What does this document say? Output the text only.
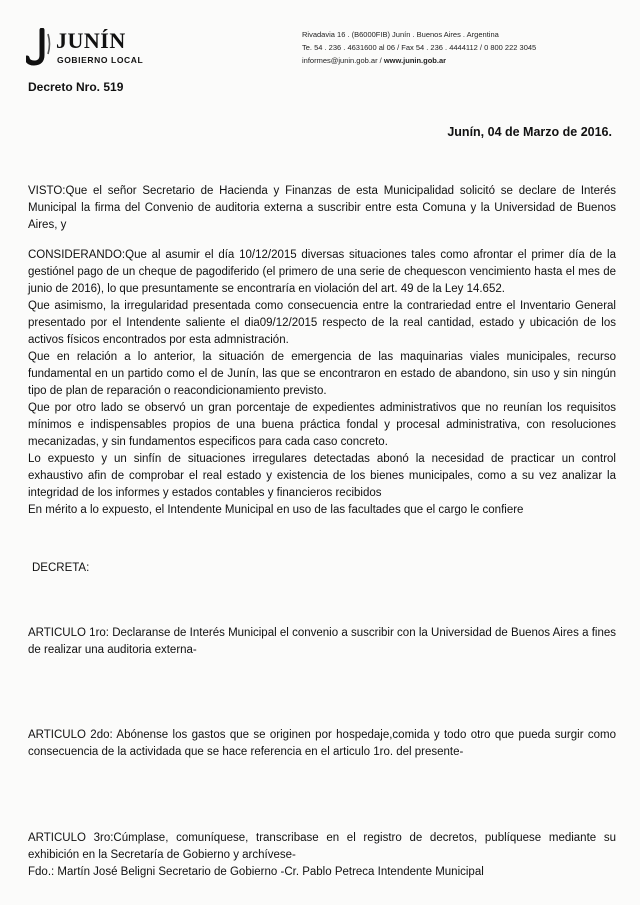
JUNÍN
GOBIERNO LOCAL
Rivadavia 16 . (B6000FIB) Junín . Buenos Aires . Argentina
Te. 54 . 236 . 4631600 al 06 / Fax 54 . 236 . 4444112 / 0 800 222 3045
informes@junin.gob.ar / www.junin.gob.ar
Decreto Nro. 519
Junín, 04 de Marzo de 2016.

VISTO:Que el señor Secretario de Hacienda y Finanzas de esta Municipalidad solicitó se declare de Interés Municipal la firma del Convenio de auditoria externa a suscribir entre esta Comuna y la Universidad de Buenos Aires, y

CONSIDERANDO:Que al asumir el día 10/12/2015 diversas situaciones tales como afrontar el primer día de la gestiónel pago de un cheque de pagodiferido (el primero de una serie de chequescon vencimiento hasta el mes de junio de 2016), lo que presuntamente se encontraría en violación del art. 49 de la Ley 14.652.

Que asimismo, la irregularidad presentada como consecuencia entre la contrariedad entre el Inventario General presentado por el Intendente saliente el dia09/12/2015 respecto de la real cantidad, estado y ubicación de los activos físicos encontrados por esta admnistración.

Que en relación a lo anterior, la situación de emergencia de las maquinarias viales municipales, recurso fundamental en un partido como el de Junín, las que se encontraron en estado de abandono, sin uso y sin ningún tipo de plan de reparación o reacondicionamiento previsto.

Que por otro lado se observó un gran porcentaje de expedientes administrativos que no reunían los requisitos mínimos e indispensables propios de una buena práctica fondal y procesal administrativa, con resoluciones mecanizadas, y sin fundamentos especificos para cada caso concreto.

Lo expuesto y un sinfín de situaciones irregulares detectadas abonó la necesidad de practicar un control exhaustivo afin de comprobar el real estado y existencia de los bienes municipales, como a su vez analizar la integridad de los informes y estados contables y financieros recibidos

En mérito a lo expuesto, el Intendente Municipal en uso de las facultades que el cargo le confiere

DECRETA:

ARTICULO 1ro: Declaranse de Interés Municipal el convenio a suscribir con la Universidad de Buenos Aires a fines de realizar una auditoria externa-

ARTICULO 2do: Abónense los gastos que se originen por hospedaje,comida y todo otro que pueda surgir como consecuencia de la actividada que se hace referencia en el articulo 1ro. del presente-

ARTICULO 3ro:Cúmplase, comuníquese, transcribase en el registro de decretos, publíquese mediante su exhibición en la Secretaría de Gobierno y archívese-

Fdo.: Martín José Beligni Secretario de Gobierno -Cr. Pablo Petreca Intendente Municipal
